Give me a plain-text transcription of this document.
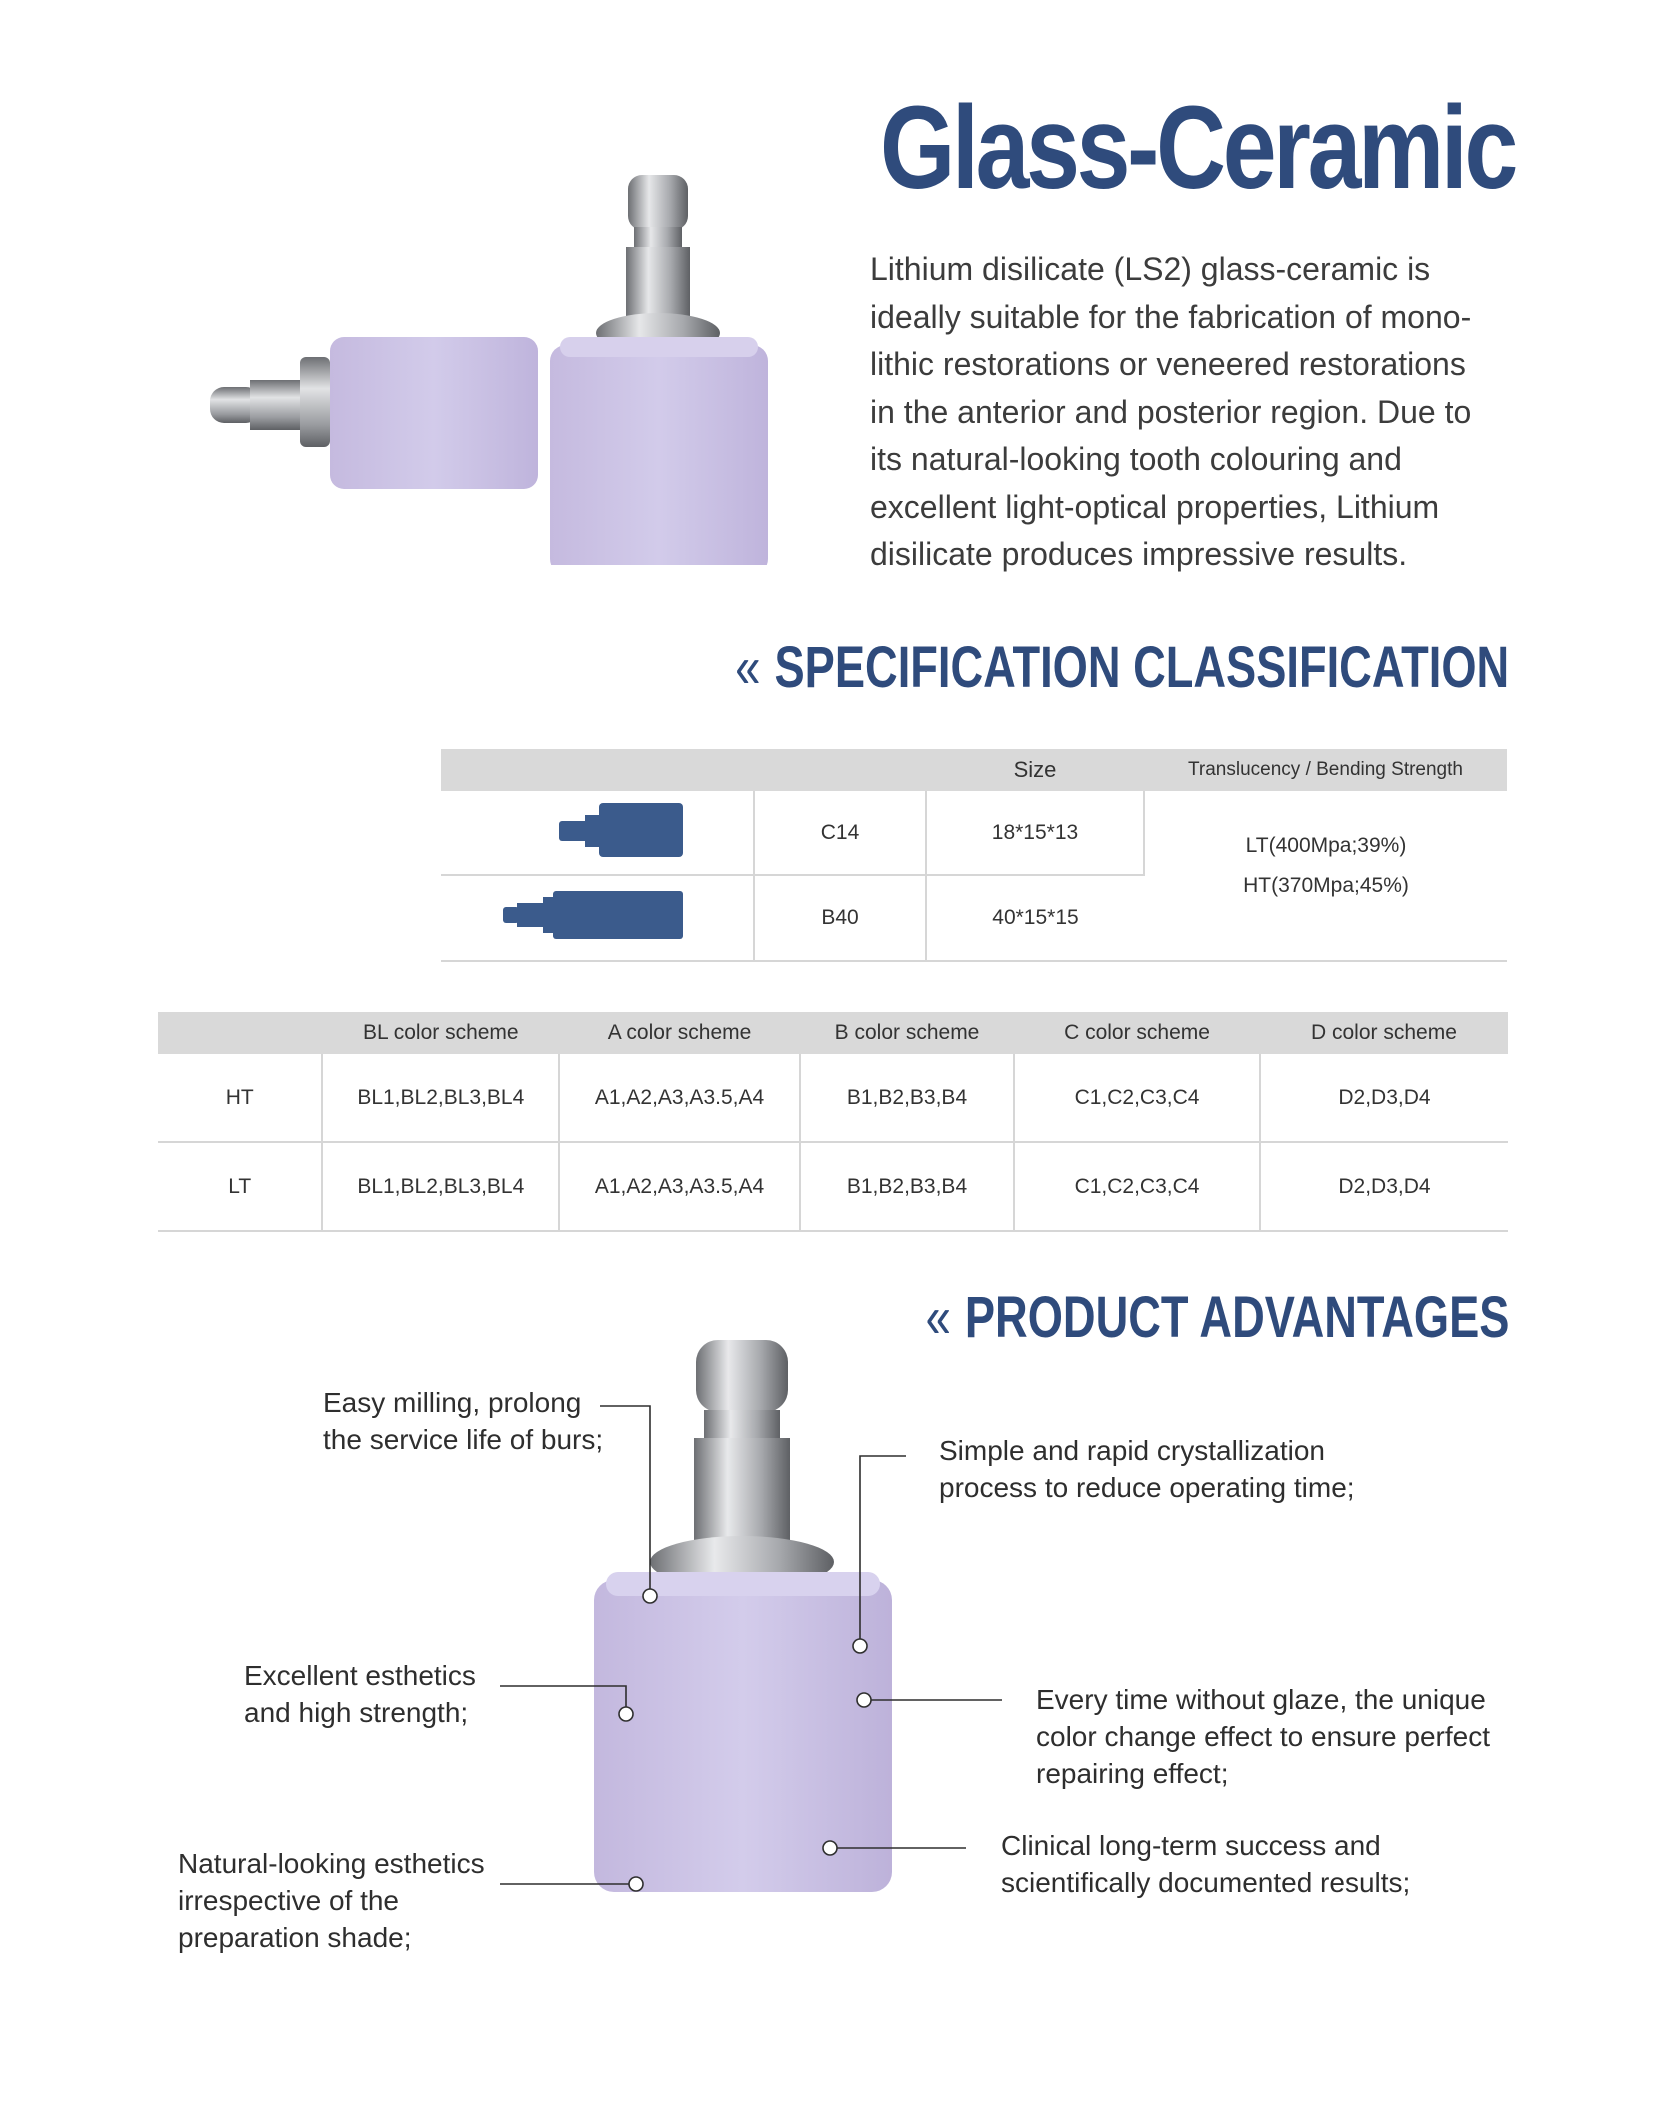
Glass-Ceramic
Lithium disilicate (LS2) glass-ceramic is
ideally suitable for the fabrication of mono-
lithic restorations or veneered restorations
in the anterior and posterior region. Due to
its natural-looking tooth colouring and
excellent light-optical properties, Lithium
disilicate produces impressive results.
« SPECIFICATION CLASSIFICATION
		Size	Translucency / Bending Strength
	C14	18*15*13	LT(400Mpa;39%)
HT(370Mpa;45%)

	B40	40*15*15	
	BL color scheme	A color scheme	B color scheme	C color scheme	D color scheme
HT	BL1,BL2,BL3,BL4	A1,A2,A3,A3.5,A4	B1,B2,B3,B4	C1,C2,C3,C4	D2,D3,D4
LT	BL1,BL2,BL3,BL4	A1,A2,A3,A3.5,A4	B1,B2,B3,B4	C1,C2,C3,C4	D2,D3,D4
« PRODUCT ADVANTAGES
Easy milling, prolong
the service life of burs;	Simple and rapid crystallization
process to reduce operating time;
Excellent esthetics
and high strength;	Every time without glaze, the unique
color change effect to ensure perfect
repairing effect;
Natural-looking esthetics
irrespective of the
preparation shade;
Clinical long-term success and
scientifically documented results;
